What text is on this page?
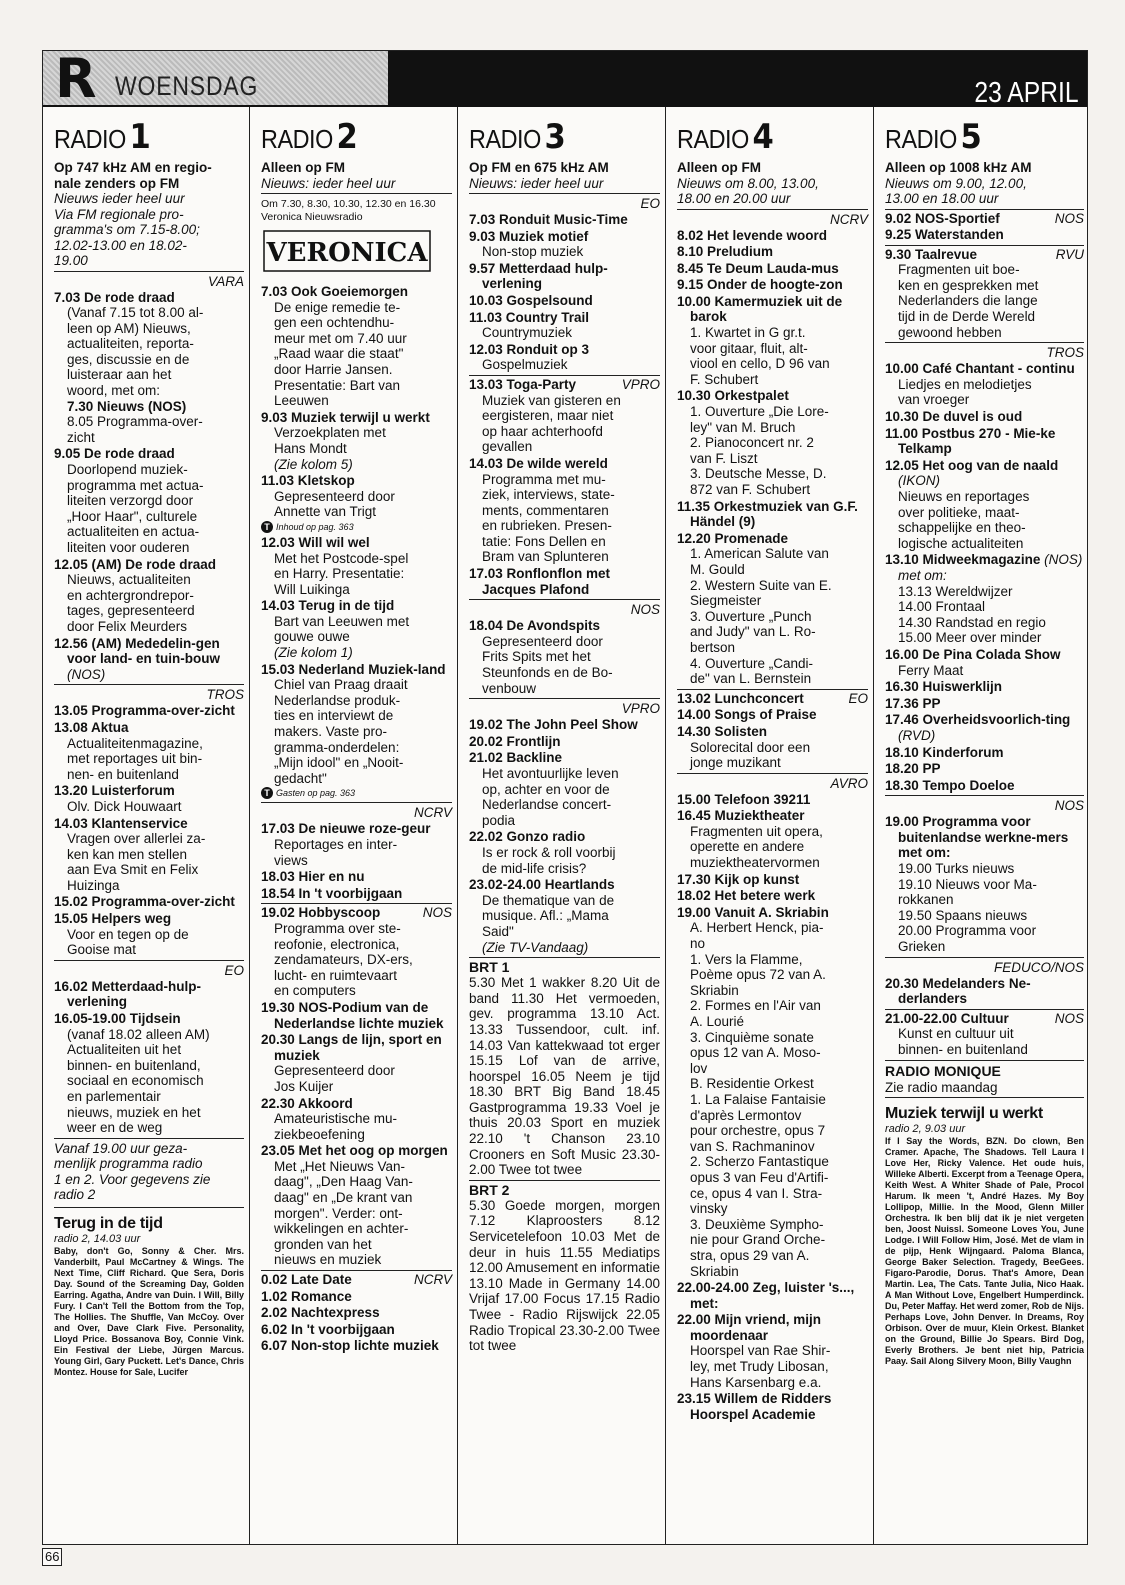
R WOENSDAG	23 APRIL
RADIO 1
Op 747 kHz AM en regio-
nale zenders op FM
Nieuws ieder heel uur
Via FM regionale pro-
gramma's om 7.15-8.00;
12.02-13.00 en 18.02-
19.00
VARA
7.03 De rode draad
(Vanaf 7.15 tot 8.00 al-
leen op AM) Nieuws,
actualiteiten, reporta-
ges, discussie en de
luisteraar aan het
woord, met om:
7.30 Nieuws (NOS)
8.05 Programma-over-
zicht
9.05 De rode draad
Doorlopend muziek-
programma met actua-
liteiten verzorgd door
„Hoor Haar", culturele
actualiteiten en actua-
liteiten voor ouderen
12.05 (AM) De rode draad
Nieuws, actualiteiten
en achtergrondrepor-
tages, gepresenteerd
door Felix Meurders
12.56 (AM) Mededelin-gen voor land- en tuin-bouw (NOS)
TROS
13.05 Programma-over-zicht
13.08 Aktua
Actualiteitenmagazine,
met reportages uit bin-
nen- en buitenland
13.20 Luisterforum
Olv. Dick Houwaart
14.03 Klantenservice
Vragen over allerlei za-
ken kan men stellen
aan Eva Smit en Felix
Huizinga
15.02 Programma-over-zicht
15.05 Helpers weg
Voor en tegen op de
Gooise mat
EO
16.02 Metterdaad-hulp-verlening
16.05-19.00 Tijdsein
(vanaf 18.02 alleen AM)
Actualiteiten uit het
binnen- en buitenland,
sociaal en economisch
en parlementair
nieuws, muziek en het
weer en de weg
Vanaf 19.00 uur geza-
menlijk programma radio
1 en 2. Voor gegevens zie
radio 2
Terug in de tijd
radio 2, 14.03 uur
Baby, don't Go, Sonny & Cher. Mrs. Vanderbilt, Paul McCartney & Wings. The Next Time, Cliff Richard. Que Sera, Doris Day. Sound of the Screaming Day, Golden Earring. Agatha, Andre van Duin. I Will, Billy Fury. I Can't Tell the Bottom from the Top, The Hollies. The Shuffle, Van McCoy. Over and Over, Dave Clark Five. Personality, Lloyd Price. Bossanova Boy, Connie Vink. Ein Festival der Liebe, Jürgen Marcus. Young Girl, Gary Puckett. Let's Dance, Chris Montez. House for Sale, Lucifer
RADIO 2
Alleen op FM
Nieuws: ieder heel uur
Om 7.30, 8.30, 10.30, 12.30 en 16.30 Veronica Nieuwsradio
VERONICA
7.03 Ook Goeiemorgen
De enige remedie te-
gen een ochtendhu-
meur met om 7.40 uur
„Raad waar die staat"
door Harrie Jansen.
Presentatie: Bart van
Leeuwen
9.03 Muziek terwijl u werkt
Verzoekplaten met
Hans Mondt
(Zie kolom 5)
11.03 Kletskop
Gepresenteerd door
Annette van Trigt
T Inhoud op pag. 363
12.03 Will wil wel
Met het Postcode-spel
en Harry. Presentatie:
Will Luikinga
14.03 Terug in de tijd
Bart van Leeuwen met
gouwe ouwe
(Zie kolom 1)
15.03 Nederland Muziek-land
Chiel van Praag draait
Nederlandse produk-
ties en interviewt de
makers. Vaste pro-
gramma-onderdelen:
„Mijn idool" en „Nooit-
gedacht"
T Gasten op pag. 363
NCRV
17.03 De nieuwe roze-geur
Reportages en inter-
views
18.03 Hier en nu
18.54 In 't voorbijgaan
19.02 Hobbyscoop	NOS
Programma over ste-
reofonie, electronica,
zendamateurs, DX-ers,
lucht- en ruimtevaart
en computers
19.30 NOS-Podium van de Nederlandse lichte muziek
20.30 Langs de lijn, sport en muziek
Gepresenteerd door
Jos Kuijer
22.30 Akkoord
Amateuristische mu-
ziekbeoefening
23.05 Met het oog op morgen
Met „Het Nieuws Van-
daag", „Den Haag Van-
daag" en „De krant van
morgen". Verder: ont-
wikkelingen en achter-
gronden van het
nieuws en muziek
0.02 Late Date	NCRV
1.02 Romance
2.02 Nachtexpress
6.02 In 't voorbijgaan
6.07 Non-stop lichte muziek
RADIO 3
Op FM en 675 kHz AM
Nieuws: ieder heel uur
EO
7.03 Ronduit Music-Time
9.03 Muziek motief
Non-stop muziek
9.57 Metterdaad hulp-verlening
10.03 Gospelsound
11.03 Country Trail
Countrymuziek
12.03 Ronduit op 3
Gospelmuziek
13.03 Toga-Party	VPRO
Muziek van gisteren en
eergisteren, maar niet
op haar achterhoofd
gevallen
14.03 De wilde wereld
Programma met mu-
ziek, interviews, state-
ments, commentaren
en rubrieken. Presen-
tatie: Fons Dellen en
Bram van Splunteren
17.03 Ronflonflon met Jacques Plafond
NOS
18.04 De Avondspits
Gepresenteerd door
Frits Spits met het
Steunfonds en de Bo-
venbouw
VPRO
19.02 The John Peel Show
20.02 Frontlijn
21.02 Backline
Het avontuurlijke leven
op, achter en voor de
Nederlandse concert-
podia
22.02 Gonzo radio
Is er rock & roll voorbij
de mid-life crisis?
23.02-24.00 Heartlands
De thematique van de
musique. Afl.: „Mama
Said"
(Zie TV-Vandaag)
BRT 1
5.30 Met 1 wakker 8.20 Uit de band 11.30 Het vermoeden, gev. programma 13.10 Act. 13.33 Tussendoor, cult. inf. 14.03 Van kattekwaad tot erger 15.15 Lof van de arrive, hoorspel 16.05 Neem je tijd 18.30 BRT Big Band 18.45 Gastprogramma 19.33 Voel je thuis 20.03 Sport en muziek 22.10 't Chanson 23.10 Crooners en Soft Music 23.30-2.00 Twee tot twee
BRT 2
5.30 Goede morgen, morgen 7.12 Klaproosters 8.12 Servicetelefoon 10.03 Met de deur in huis 11.55 Mediatips 12.00 Amusement en informatie 13.10 Made in Germany 14.00 Vrijaf 17.00 Focus 17.15 Radio Twee - Radio Rijswijck 22.05 Radio Tropical 23.30-2.00 Twee tot twee
RADIO 4
Alleen op FM
Nieuws om 8.00, 13.00,
18.00 en 20.00 uur
NCRV
8.02 Het levende woord
8.10 Preludium
8.45 Te Deum Lauda-mus
9.15 Onder de hoogte-zon
10.00 Kamermuziek uit de barok
1. Kwartet in G gr.t.
voor gitaar, fluit, alt-
viool en cello, D 96 van
F. Schubert
10.30 Orkestpalet
1. Ouverture „Die Lore-
ley" van M. Bruch
2. Pianoconcert nr. 2
van F. Liszt
3. Deutsche Messe, D.
872 van F. Schubert
11.35 Orkestmuziek van G.F. Händel (9)
12.20 Promenade
1. American Salute van
M. Gould
2. Western Suite van E.
Siegmeister
3. Ouverture „Punch
and Judy" van L. Ro-
bertson
4. Ouverture „Candi-
de" van L. Bernstein
13.02 Lunchconcert	EO
14.00 Songs of Praise
14.30 Solisten
Solorecital door een
jonge muzikant
AVRO
15.00 Telefoon 39211
16.45 Muziektheater
Fragmenten uit opera,
operette en andere
muziektheatervormen
17.30 Kijk op kunst
18.02 Het betere werk
19.00 Vanuit A. Skriabin
A. Herbert Henck, pia-
no
1. Vers la Flamme,
Poème opus 72 van A.
Skriabin
2. Formes en l'Air van
A. Lourié
3. Cinquième sonate
opus 12 van A. Moso-
lov
B. Residentie Orkest
1. La Falaise Fantaisie
d'après Lermontov
pour orchestre, opus 7
van S. Rachmaninov
2. Scherzo Fantastique
opus 3 van Feu d'Artifi-
ce, opus 4 van I. Stra-
vinsky
3. Deuxième Sympho-
nie pour Grand Orche-
stra, opus 29 van A.
Skriabin
22.00-24.00 Zeg, luister 's..., met:
22.00 Mijn vriend, mijn moordenaar
Hoorspel van Rae Shir-
ley, met Trudy Libosan,
Hans Karsenbarg e.a.
23.15 Willem de Ridders Hoorspel Academie
RADIO 5
Alleen op 1008 kHz AM
Nieuws om 9.00, 12.00,
13.00 en 18.00 uur
9.02 NOS-Sportief	NOS
9.25 Waterstanden
9.30 Taalrevue	RVU
Fragmenten uit boe-
ken en gesprekken met
Nederlanders die lange
tijd in de Derde Wereld
gewoond hebben
TROS
10.00 Café Chantant - continu
Liedjes en melodietjes
van vroeger
10.30 De duvel is oud
11.00 Postbus 270 - Mie-ke Telkamp
12.05 Het oog van de naald (IKON)
Nieuws en reportages
over politieke, maat-
schappelijke en theo-
logische actualiteiten
13.10 Midweekmagazine (NOS) met om:
13.13 Wereldwijzer
14.00 Frontaal
14.30 Randstad en regio
15.00 Meer over minder
16.00 De Pina Colada Show
Ferry Maat
16.30 Huiswerklijn
17.36 PP
17.46 Overheidsvoorlich-ting (RVD)
18.10 Kinderforum
18.20 PP
18.30 Tempo Doeloe
NOS
19.00 Programma voor buitenlandse werkne-mers met om:
19.00 Turks nieuws
19.10 Nieuws voor Ma-
rokkanen
19.50 Spaans nieuws
20.00 Programma voor
Grieken
FEDUCO/NOS
20.30 Medelanders Ne-derlanders
21.00-22.00 Cultuur	NOS
Kunst en cultuur uit
binnen- en buitenland
RADIO MONIQUE
Zie radio maandag
Muziek terwijl u werkt
radio 2, 9.03 uur
If I Say the Words, BZN. Do clown, Ben Cramer. Apache, The Shadows. Tell Laura I Love Her, Ricky Valence. Het oude huis, Willeke Alberti. Excerpt from a Teenage Opera, Keith West. A Whiter Shade of Pale, Procol Harum. Ik meen 't, André Hazes. My Boy Lollipop, Millie. In the Mood, Glenn Miller Orchestra. Ik ben blij dat ik je niet vergeten ben, Joost Nuissl. Someone Loves You, June Lodge. I Will Follow Him, José. Met de vlam in de pijp, Henk Wijngaard. Paloma Blanca, George Baker Selection. Tragedy, BeeGees. Figaro-Parodie, Dorus. That's Amore, Dean Martin. Lea, The Cats. Tante Julia, Nico Haak. A Man Without Love, Engelbert Humperdinck. Du, Peter Maffay. Het werd zomer, Rob de Nijs. Perhaps Love, John Denver. In Dreams, Roy Orbison. Over de muur, Klein Orkest. Blanket on the Ground, Billie Jo Spears. Bird Dog, Everly Brothers. Je bent niet hip, Patricia Paay. Sail Along Silvery Moon, Billy Vaughn
66
